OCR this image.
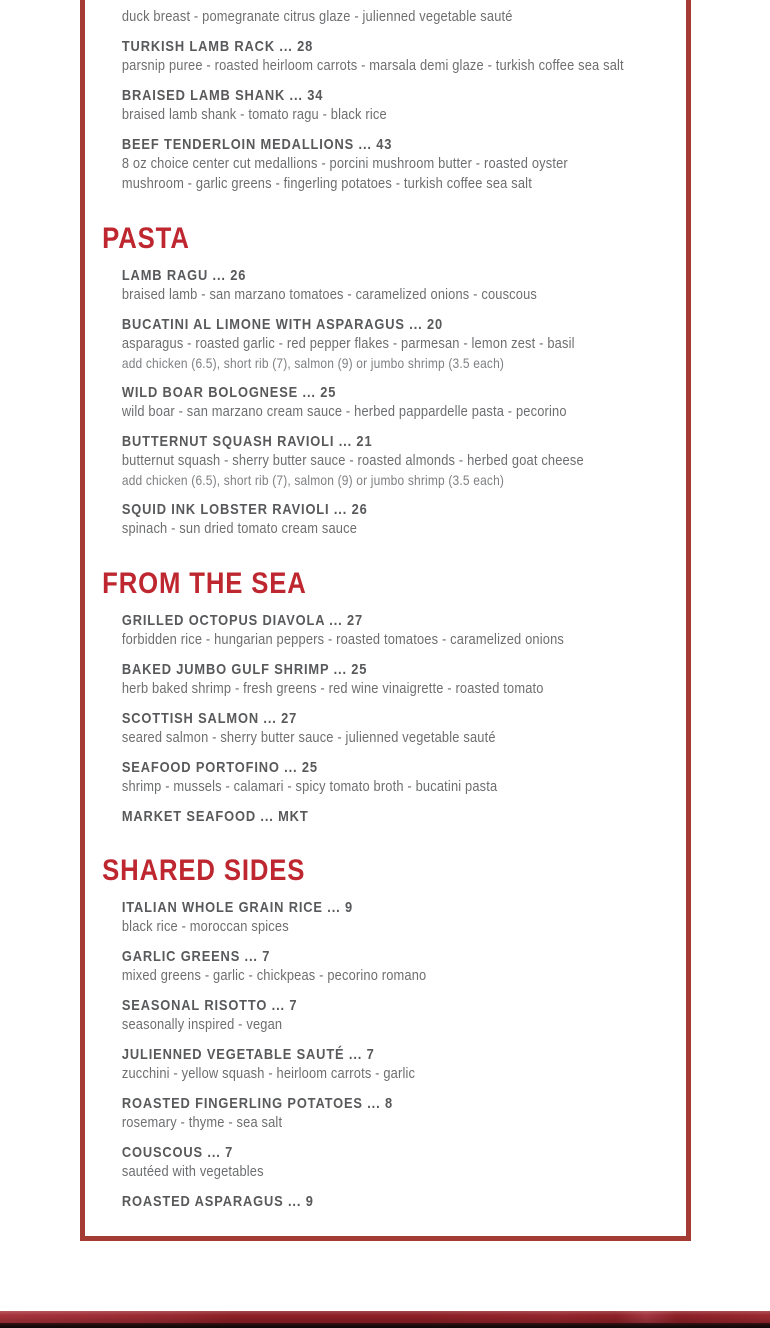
duck breast - pomegranate citrus glaze - julienned vegetable sauté
TURKISH LAMB RACK ... 28
parsnip puree - roasted heirloom carrots - marsala demi glaze - turkish coffee sea salt
BRAISED LAMB SHANK ... 34
braised lamb shank - tomato ragu - black rice
BEEF TENDERLOIN MEDALLIONS ... 43
8 oz choice center cut medallions - porcini mushroom butter - roasted oyster
mushroom - garlic greens - fingerling potatoes - turkish coffee sea salt
PASTA
LAMB RAGU ... 26
braised lamb - san marzano tomatoes - caramelized onions - couscous
BUCATINI AL LIMONE WITH ASPARAGUS ... 20
asparagus - roasted garlic - red pepper flakes - parmesan - lemon zest - basil
add chicken (6.5), short rib (7), salmon (9) or jumbo shrimp (3.5 each)
WILD BOAR BOLOGNESE ... 25
wild boar - san marzano cream sauce - herbed pappardelle pasta - pecorino
BUTTERNUT SQUASH RAVIOLI ... 21
butternut squash - sherry butter sauce - roasted almonds - herbed goat cheese
add chicken (6.5), short rib (7), salmon (9) or jumbo shrimp (3.5 each)
SQUID INK LOBSTER RAVIOLI ... 26
spinach - sun dried tomato cream sauce
FROM THE SEA
GRILLED OCTOPUS DIAVOLA ... 27
forbidden rice - hungarian peppers - roasted tomatoes - caramelized onions
BAKED JUMBO GULF SHRIMP ... 25
herb baked shrimp - fresh greens - red wine vinaigrette - roasted tomato
SCOTTISH SALMON ... 27
seared salmon - sherry butter sauce - julienned vegetable sauté
SEAFOOD PORTOFINO ... 25
shrimp - mussels - calamari - spicy tomato broth - bucatini pasta
MARKET SEAFOOD ... MKT
SHARED SIDES
ITALIAN WHOLE GRAIN RICE ... 9
black rice - moroccan spices
GARLIC GREENS ... 7
mixed greens - garlic - chickpeas - pecorino romano
SEASONAL RISOTTO ... 7
seasonally inspired - vegan
JULIENNED VEGETABLE SAUTÉ ... 7
zucchini - yellow squash - heirloom carrots - garlic
ROASTED FINGERLING POTATOES ... 8
rosemary - thyme - sea salt
COUSCOUS ... 7
sautéed with vegetables
ROASTED ASPARAGUS ... 9
